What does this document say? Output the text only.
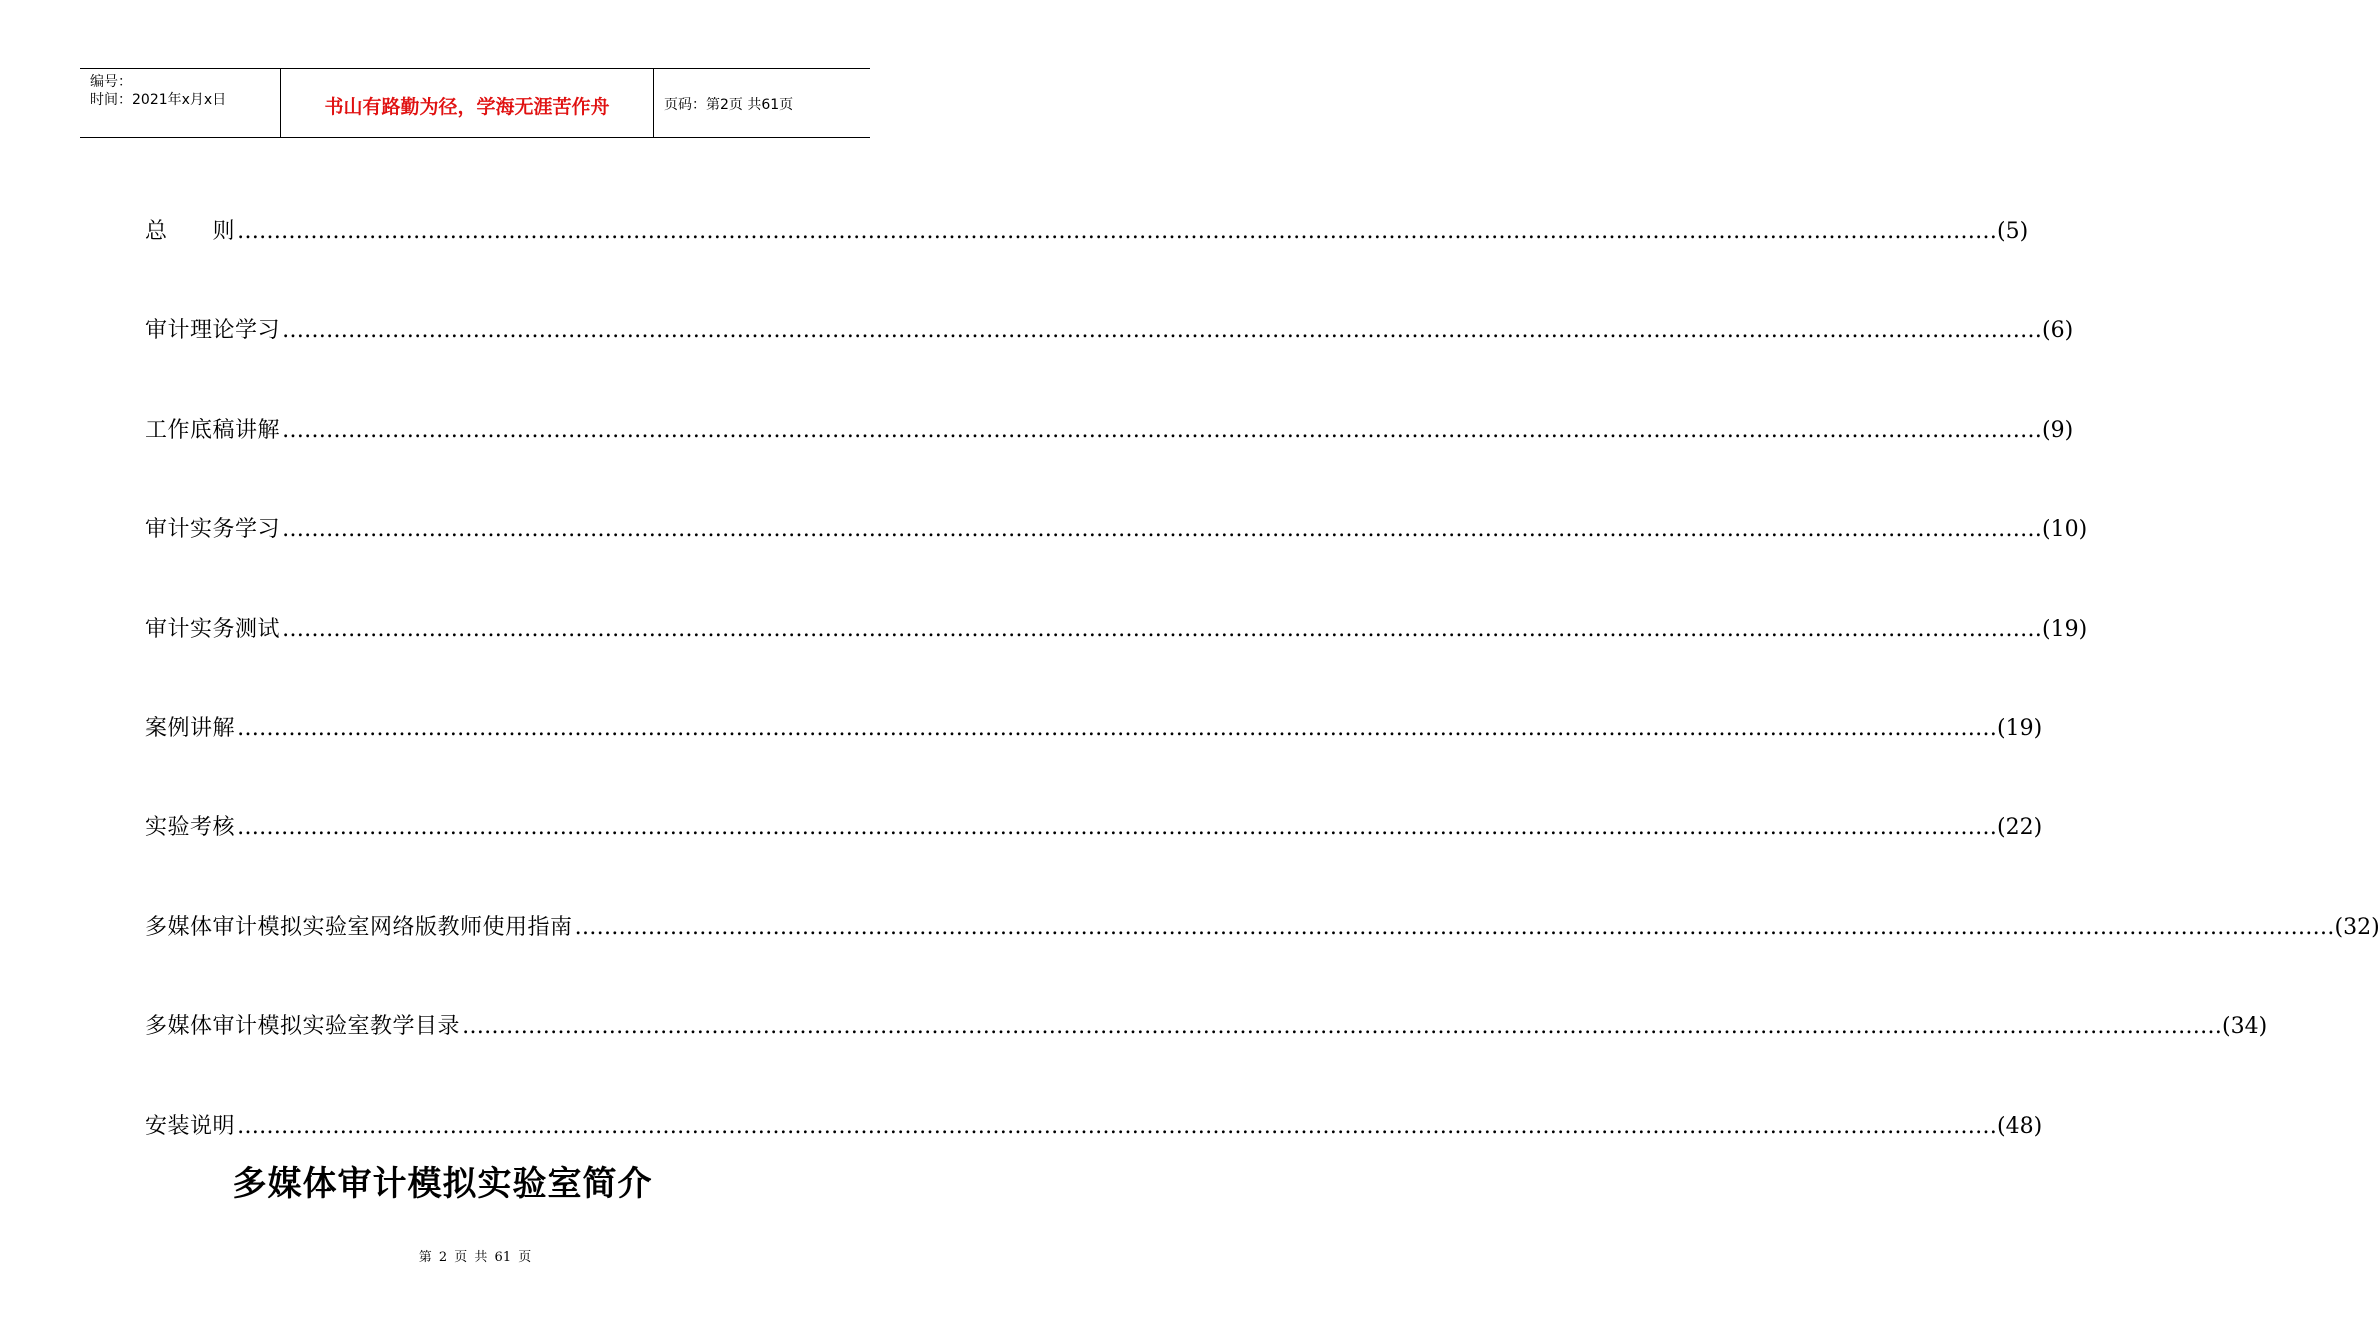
编号：
时间：2021年x月x日	书山有路勤为径，学海无涯苦作舟	页码：第2页 共61页
总　　则 …………………………………………………………………………………………………………………………………………………………………………………………………………………… (5)
审计理论学习 …………………………………………………………………………………………………………………………………………………………………………………………………………………… (6)
工作底稿讲解 …………………………………………………………………………………………………………………………………………………………………………………………………………………… (9)
审计实务学习 …………………………………………………………………………………………………………………………………………………………………………………………………………………… (10)
审计实务测试 …………………………………………………………………………………………………………………………………………………………………………………………………………………… (19)
案例讲解 …………………………………………………………………………………………………………………………………………………………………………………………………………………… (19)
实验考核 …………………………………………………………………………………………………………………………………………………………………………………………………………………… (22)
多媒体审计模拟实验室网络版教师使用指南 …………………………………………………………………………………………………………………………………………………………………………………………………………………… (32)
多媒体审计模拟实验室教学目录 …………………………………………………………………………………………………………………………………………………………………………………………………………………… (34)
安装说明 …………………………………………………………………………………………………………………………………………………………………………………………………………………… (48)
多媒体审计模拟实验室简介
第 2 页 共 61 页
